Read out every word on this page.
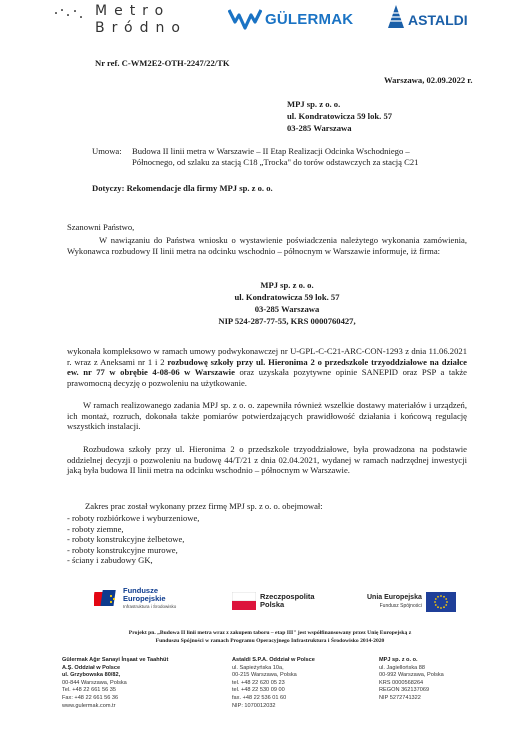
Metro
Bródno
GÜLERMAK	ASTALDI
Nr ref. C-WM2E2-OTH-2247/22/TK
Warszawa, 02.09.2022 r.
MPJ sp. z o. o.
ul. Kondratowicza 59 lok. 57
03-285 Warszawa
Umowa:	Budowa II linii metra w Warszawie – II Etap Realizacji Odcinka Wschodniego –
Północnego, od szlaku za stacją C18 „Trocka" do torów odstawczych za stacją C21
Dotyczy: Rekomendacje dla firmy MPJ sp. z o. o.
Szanowni Państwo,
W nawiązaniu do Państwa wniosku o wystawienie poświadczenia należytego wykonania zamówienia, Wykonawca rozbudowy II linii metra na odcinku wschodnio – północnym w Warszawie informuje, iż firma:
MPJ sp. z o. o.
ul. Kondratowicza 59 lok. 57
03-285 Warszawa
NIP 524-287-77-55, KRS 0000760427,
wykonała kompleksowo w ramach umowy podwykonawczej nr U-GPL-C-C21-ARC-CON-1293 z dnia 11.06.2021 r. wraz z Aneksami nr 1 i 2 rozbudowę szkoły przy ul. Hieronima 2 o przedszkole trzyoddziałowe na działce ew. nr 77 w obrębie 4-08-06 w Warszawie oraz uzyskała pozytywne opinie SANEPID oraz PSP a także prawomocną decyzję o pozwoleniu na użytkowanie.
W ramach realizowanego zadania MPJ sp. z o. o. zapewniła również wszelkie dostawy materiałów i urządzeń, ich montaż, rozruch, dokonała także pomiarów potwierdzających prawidłowość działania i końcową regulację wszystkich instalacji.
Rozbudowa szkoły przy ul. Hieronima 2 o przedszkole trzyoddziałowe, była prowadzona na podstawie oddzielnej decyzji o pozwoleniu na budowę 44/T/21 z dnia 02.04.2021, wydanej w ramach nadrzędnej inwestycji jaką była budowa II linii metra na odcinku wschodnio – północnym w Warszawie.
Zakres prac został wykonany przez firmę MPJ sp. z o. o. obejmował:
- roboty rozbiórkowe i wyburzeniowe,
- roboty ziemne,
- roboty konstrukcyjne żelbetowe,
- roboty konstrukcyjne murowe,
- ściany i zabudowy GK,
Fundusze
Europejskie
Infrastruktura i Środowisko
Rzeczpospolita
Polska
Unia Europejska
Fundusz Spójności
Projekt pn. „Budowa II linii metra wraz z zakupem taboru – etap III" jest współfinansowany przez Unię Europejską z
Funduszu Spójności w ramach Programu Operacyjnego Infrastruktura i Środowisko 2014-2020
Gülermak Ağır Sanayi İnşaat ve Taahhüt
A.Ş. Oddział w Polsce
ul. Grzybowska 80/82,
00-844 Warszawa, Polska
Tel. +48 22 661 56 35
Fax: +48 22 661 56 36
www.gulermak.com.tr
Astaldi S.P.A. Oddział w Polsce
ul. Sapieżyńska 10a,
00-215 Warszawa, Polska
tel. +48 22 620 05 23
tel. +48 22 530 09 00
fax. +48 22 536 01 60
NIP: 1070012032
MPJ sp. z o. o.
ul. Jagiellońska 88
00-992 Warszawa, Polska
KRS 0000568264
REGON 362137069
NIP 5272741322
